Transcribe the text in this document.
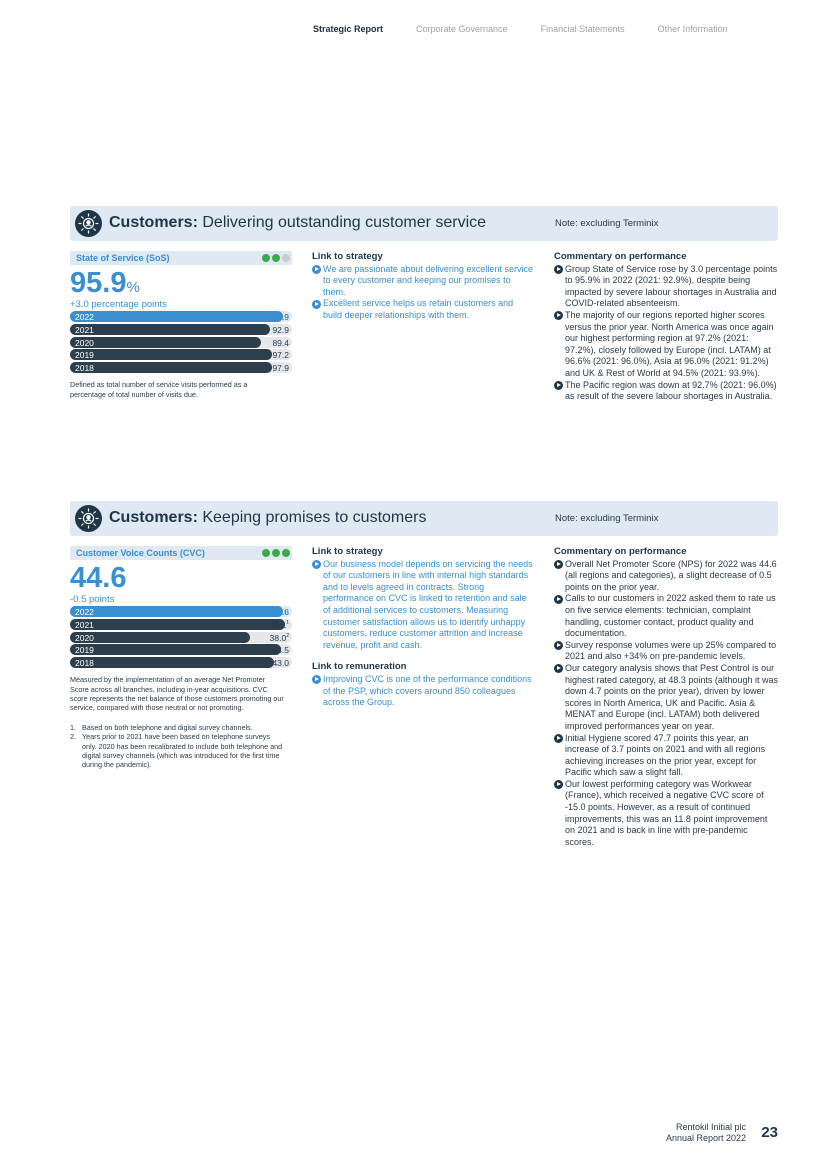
Strategic Report	Corporate Governance	Financial Statements	Other Information
Customers: Delivering outstanding customer service	Note: excluding Terminix
State of Service (SoS)
95.9%
+3.0 percentage points
2022	95.9
2021	92.9
2020	89.4
2019	97.2
2018	97.9
Defined as total number of service visits performed as a percentage of total number of visits due.
Link to strategy
We are passionate about delivering excellent service to every customer and keeping our promises to them.
Excellent service helps us retain customers and build deeper relationships with them.
Commentary on performance
Group State of Service rose by 3.0 percentage points to 95.9% in 2022 (2021: 92.9%), despite being impacted by severe labour shortages in Australia and COVID-related absenteeism.
The majority of our regions reported higher scores versus the prior year. North America was once again our highest performing region at 97.2% (2021: 97.2%), closely followed by Europe (incl. LATAM) at 96.6% (2021: 96.0%), Asia at 96.0% (2021: 91.2%) and UK & Rest of World at 94.5% (2021: 93.9%).
The Pacific region was down at 92.7% (2021: 96.0%) as result of the severe labour shortages in Australia.
Customers: Keeping promises to customers	Note: excluding Terminix
Customer Voice Counts (CVC)
44.6
-0.5 points
2022	44.6
2021	45.1$^1$
2020	38.0$^2$
2019	44.5
2018	43.0
Measured by the implementation of an average Net Promoter Score across all branches, including in-year acquisitions. CVC score represents the net balance of those customers promoting our service, compared with those neutral or not promoting.
1. Based on both telephone and digital survey channels.
2. Years prior to 2021 have been based on telephone surveys only. 2020 has been recalibrated to include both telephone and digital survey channels (which was introduced for the first time during the pandemic).
Link to strategy
Our business model depends on servicing the needs of our customers in line with internal high standards and to levels agreed in contracts. Strong performance on CVC is linked to retention and sale of additional services to customers. Measuring customer satisfaction allows us to identify unhappy customers, reduce customer attrition and increase revenue, profit and cash.
Link to remuneration
Improving CVC is one of the performance conditions of the PSP, which covers around 850 colleagues across the Group.
Commentary on performance
Overall Net Promoter Score (NPS) for 2022 was 44.6 (all regions and categories), a slight decrease of 0.5 points on the prior year.
Calls to our customers in 2022 asked them to rate us on five service elements: technician, complaint handling, customer contact, product quality and documentation.
Survey response volumes were up 25% compared to 2021 and also +34% on pre-pandemic levels.
Our category analysis shows that Pest Control is our highest rated category, at 48.3 points (although it was down 4.7 points on the prior year), driven by lower scores in North America, UK and Pacific. Asia & MENAT and Europe (incl. LATAM) both delivered improved performances year on year.
Initial Hygiene scored 47.7 points this year, an increase of 3.7 points on 2021 and with all regions achieving increases on the prior year, except for Pacific which saw a slight fall.
Our lowest performing category was Workwear (France), which received a negative CVC score of -15.0 points. However, as a result of continued improvements, this was an 11.8 point improvement on 2021 and is back in line with pre-pandemic scores.
Rentokil Initial plc
Annual Report 2022 23
